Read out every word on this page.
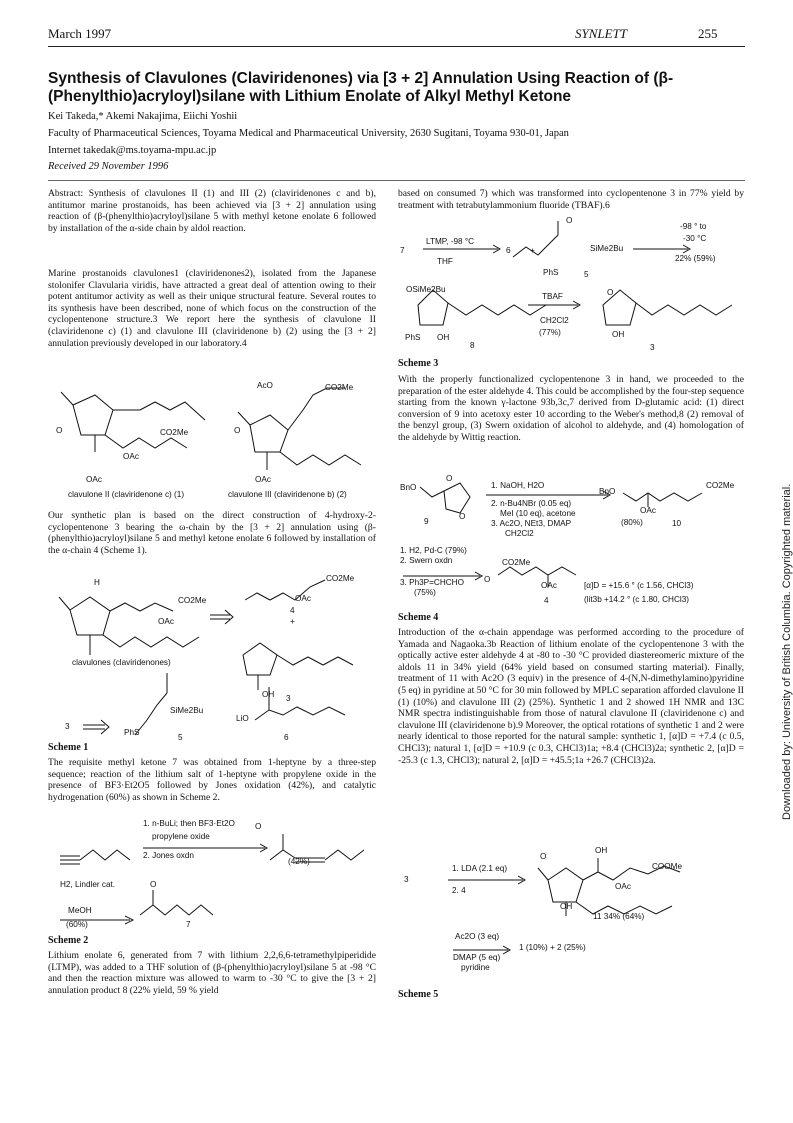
March 1997	SYNLETT	255
Synthesis of Clavulones (Claviridenones) via [3 + 2] Annulation Using Reaction of (β-(Phenylthio)acryloyl)silane with Lithium Enolate of Alkyl Methyl Ketone
Kei Takeda,* Akemi Nakajima, Eiichi Yoshii
Faculty of Pharmaceutical Sciences, Toyama Medical and Pharmaceutical University, 2630 Sugitani, Toyama 930-01, Japan
Internet takedak@ms.toyama-mpu.ac.jp
Received 29 November 1996
Abstract: Synthesis of clavulones II (1) and III (2) (claviridenones c and b), antitumor marine prostanoids, has been achieved via [3 + 2] annulation using reaction of (β-(phenylthio)acryloyl)silane 5 with methyl ketone enolate 6 followed by installation of the α-side chain by aldol reaction.
Marine prostanoids clavulones1 (claviridenones2), isolated from the Japanese stolonifer Clavularia viridis, have attracted a great deal of attention owing to their potent antitumor activity as well as their unique structural feature. Several routes to its synthesis have been described, none of which focus on the construction of the cyclopentenone structure.3 We report here the synthesis of clavulone II (claviridenone c) (1) and clavulone III (claviridenone b) (2) using the [3 + 2] annulation previously developed in our laboratory.4
AcO	CO2Me
CO2Me
OAc
OAc	OAc
O	O
clavulone II (claviridenone c) (1)	clavulone III (claviridenone b) (2)
Our synthetic plan is based on the direct construction of 4-hydroxy-2-cyclopentenone 3 bearing the ω-chain by the [3 + 2] annulation using (β-(phenylthio)acryloyl)silane 5 and methyl ketone enolate 6 followed by installation of the α-chain 4 (Scheme 1).
H
CO2Me
OAc
clavulones (claviridenones)
CO2Me
OAc
4
+
OH 3
3
SiMe2Bu
PhS
5
LiO
6
Scheme 1
The requisite methyl ketone 7 was obtained from 1-heptyne by a three-step sequence; reaction of the lithium salt of 1-heptyne with propylene oxide in the presence of BF3·Et2O5 followed by Jones oxidation (42%), and catalytic hydrogenation (60%) as shown in Scheme 2.
1. n-BuLi; then BF3·Et2O O
propylene oxide
2. Jones oxdn
(42%)
H2, Lindler cat.	O
MeOH
(60%)	7
Scheme 2
Lithium enolate 6, generated from 7 with lithium 2,2,6,6-tetramethylpiperidide (LTMP), was added to a THF solution of (β-(phenylthio)acryloyl)silane 5 at -98 °C and then the reaction mixture was allowed to warm to -30 °C to give the [3 + 2] annulation product 8 (22% yield, 59 % yield
based on consumed 7) which was transformed into cyclopentenone 3 in 77% yield by treatment with tetrabutylammonium fluoride (TBAF).6
LTMP, -98 °C
7
THF
6 +
O
SiMe2Bu
PhS	5
-98 ° to
-30 °C
22% (59%)
OSiMe2Bu
TBAF	O
CH2Cl2
(77%)
PhS OH
8
OH
3
Scheme 3
With the properly functionalized cyclopentenone 3 in hand, we proceeded to the preparation of the ester aldehyde 4. This could be accomplished by the four-step sequence starting from the known γ-lactone 93b,3c,7 derived from D-glutamic acid: (1) direct conversion of 9 into acetoxy ester 10 according to the Weber's method,8 (2) removal of the benzyl group, (3) Swern oxidation of alcohol to aldehyde, and (4) homologation of the aldehyde by Wittig reaction.
BnO
O
O
9
1. NaOH, H2O
2. n-Bu4NBr (0.05 eq)
MeI (10 eq), acetone
3. Ac2O, NEt3, DMAP
CH2Cl2
BnO
CO2Me
OAc
(80%)	10
1. H2, Pd-C (79%)
2. Swern oxdn	CO2Me
O
3. Ph3P=CHCHO
(75%)
OAc
4
[α]D = +15.6 ° (c 1.56, CHCl3)
(lit3b +14.2 ° (c 1.80, CHCl3)
Scheme 4
Introduction of the α-chain appendage was performed according to the procedure of Yamada and Nagaoka.3b Reaction of lithium enolate of the cyclopentenone 3 with the optically active ester aldehyde 4 at -80 to -30 °C provided diastereomeric mixture of the aldols 11 in 34% yield (64% yield based on consumed starting material). Finally, treatment of 11 with Ac2O (3 equiv) in the presence of 4-(N,N-dimethylamino)pyridine (5 eq) in pyridine at 50 °C for 30 min followed by MPLC separation afforded clavulone II (1) (10%) and clavulone III (2) (25%). Synthetic 1 and 2 showed 1H NMR and 13C NMR spectra indistinguishable from those of natural clavulone II (claviridenone c) and clavulone III (claviridenone b).9 Moreover, the optical rotations of synthetic 1 and 2 were nearly identical to those reported for the natural sample: synthetic 1, [α]D = +7.4 (c 0.5, CHCl3); natural 1, [α]D = +10.9 (c 0.3, CHCl3)1a; +8.4 (CHCl3)2a; synthetic 2, [α]D = -25.3 (c 1.3, CHCl3); natural 2, [α]D = +45.5;1a +26.7 (CHCl3)2a.
3
1. LDA (2.1 eq)
2. 4
O
OH
COOMe
OAc
OH
11 34% (64%)
Ac2O (3 eq)
1 (10%) + 2 (25%)
DMAP (5 eq)
pyridine
Scheme 5
Downloaded by: University of British Columbia. Copyrighted material.
